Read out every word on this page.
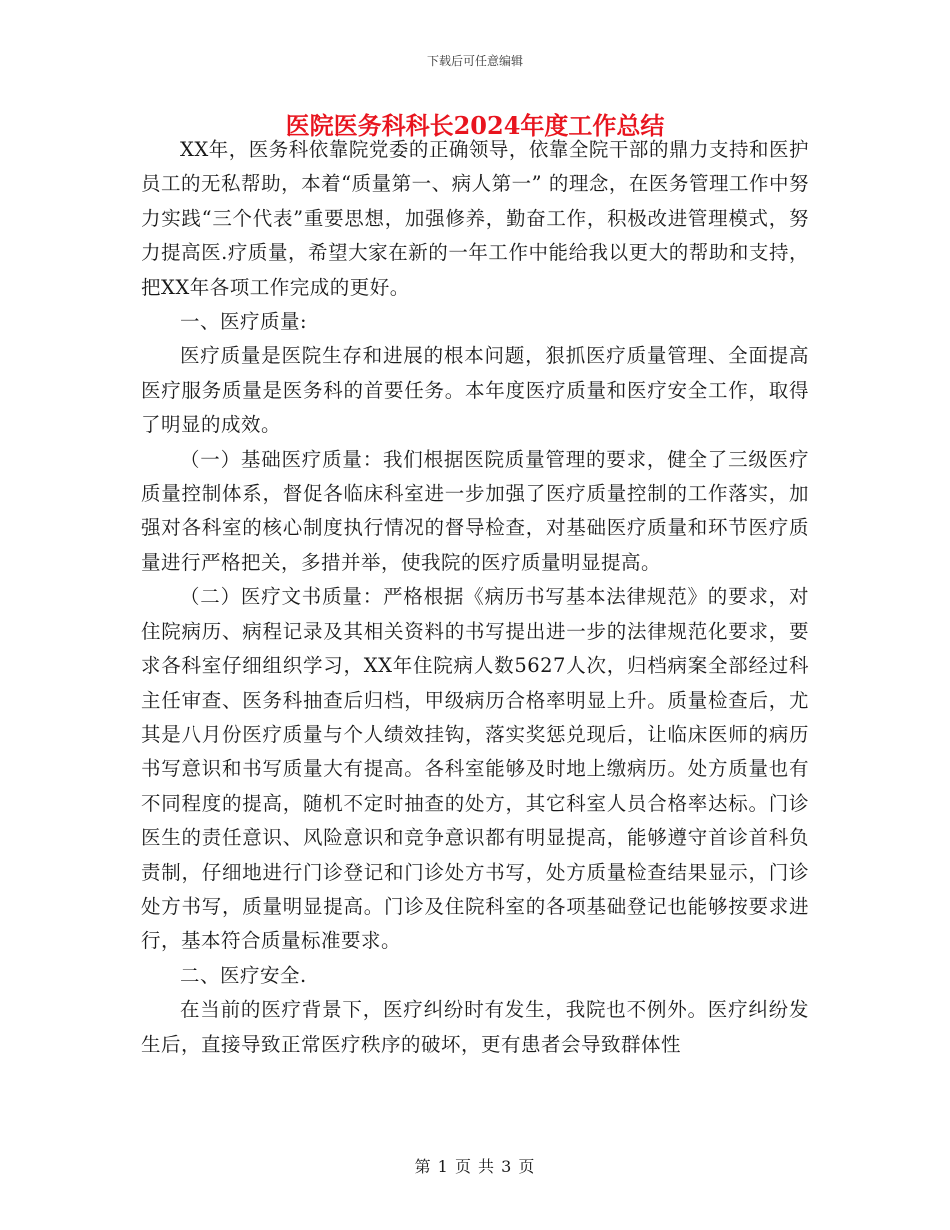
下载后可任意编辑
医院医务科科长2024年度工作总结

XX年，医务科依靠院党委的正确领导，依靠全院干部的鼎力支持和医护员工的无私帮助，本着“质量第一、病人第一” 的理念，在医务管理工作中努力实践“三个代表”重要思想，加强修养，勤奋工作，积极改进管理模式，努力提高医.疗质量，希望大家在新的一年工作中能给我以更大的帮助和支持，把XX年各项工作完成的更好。

一、医疗质量:

医疗质量是医院生存和进展的根本问题，狠抓医疗质量管理、全面提高医疗服务质量是医务科的首要任务。本年度医疗质量和医疗安全工作，取得了明显的成效。

（一）基础医疗质量：我们根据医院质量管理的要求，健全了三级医疗质量控制体系，督促各临床科室进一步加强了医疗质量控制的工作落实，加强对各科室的核心制度执行情况的督导检查，对基础医疗质量和环节医疗质量进行严格把关，多措并举，使我院的医疗质量明显提高。

（二）医疗文书质量：严格根据《病历书写基本法律规范》的要求，对住院病历、病程记录及其相关资料的书写提出进一步的法律规范化要求，要求各科室仔细组织学习，XX年住院病人数5627人次，归档病案全部经过科主任审查、医务科抽查后归档，甲级病历合格率明显上升。质量检查后，尤其是八月份医疗质量与个人绩效挂钩，落实奖惩兑现后，让临床医师的病历书写意识和书写质量大有提高。各科室能够及时地上缴病历。处方质量也有不同程度的提高，随机不定时抽查的处方，其它科室人员合格率达标。门诊医生的责任意识、风险意识和竞争意识都有明显提高，能够遵守首诊首科负责制，仔细地进行门诊登记和门诊处方书写，处方质量检查结果显示，门诊处方书写，质量明显提高。门诊及住院科室的各项基础登记也能够按要求进行，基本符合质量标准要求。

二、医疗安全.

在当前的医疗背景下，医疗纠纷时有发生，我院也不例外。医疗纠纷发生后，直接导致正常医疗秩序的破坏，更有患者会导致群体性

第 1 页 共 3 页
